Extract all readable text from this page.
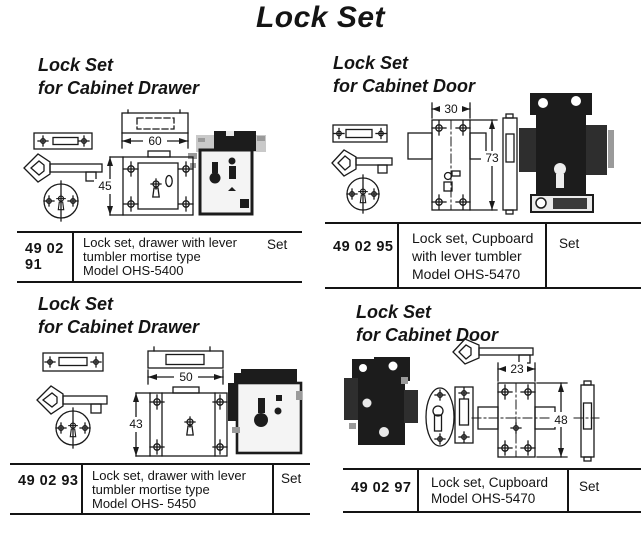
Lock Set
Lock Set
for Cabinet Drawer
60
45
49 02 91
Lock set, drawer with lever
tumbler mortise type
Model OHS-5400
Set
Lock Set
for Cabinet Door
30
73
49 02 95
Lock set, Cupboard
with lever tumbler
Model OHS-5470
Set
Lock Set
for Cabinet Drawer
50
43
49 02 93	Lock set, drawer with lever
tumbler mortise type
Model OHS- 5450
Set
Lock Set
for Cabinet Door
23
48
49 02 97	Lock set, Cupboard
Model OHS-5470
Set
